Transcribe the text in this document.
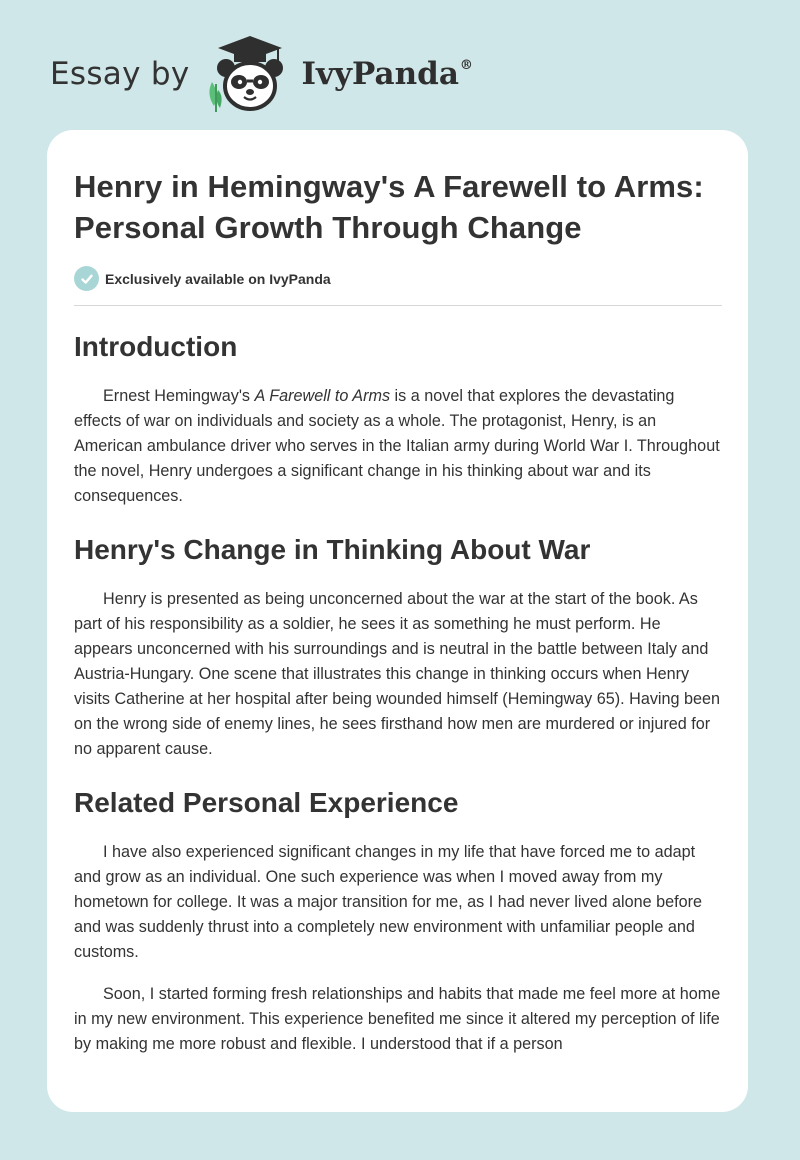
Essay by	IvyPanda®
Henry in Hemingway's A Farewell to Arms: Personal Growth Through Change
Exclusively available on IvyPanda
Introduction

Ernest Hemingway's A Farewell to Arms is a novel that explores the devastating effects of war on individuals and society as a whole. The protagonist, Henry, is an American ambulance driver who serves in the Italian army during World War I. Throughout the novel, Henry undergoes a significant change in his thinking about war and its consequences.

Henry's Change in Thinking About War

Henry is presented as being unconcerned about the war at the start of the book. As part of his responsibility as a soldier, he sees it as something he must perform. He appears unconcerned with his surroundings and is neutral in the battle between Italy and Austria-Hungary. One scene that illustrates this change in thinking occurs when Henry visits Catherine at her hospital after being wounded himself (Hemingway 65). Having been on the wrong side of enemy lines, he sees firsthand how men are murdered or injured for no apparent cause.

Related Personal Experience

I have also experienced significant changes in my life that have forced me to adapt and grow as an individual. One such experience was when I moved away from my hometown for college. It was a major transition for me, as I had never lived alone before and was suddenly thrust into a completely new environment with unfamiliar people and customs.

Soon, I started forming fresh relationships and habits that made me feel more at home in my new environment. This experience benefited me since it altered my perception of life by making me more robust and flexible. I understood that if a person
